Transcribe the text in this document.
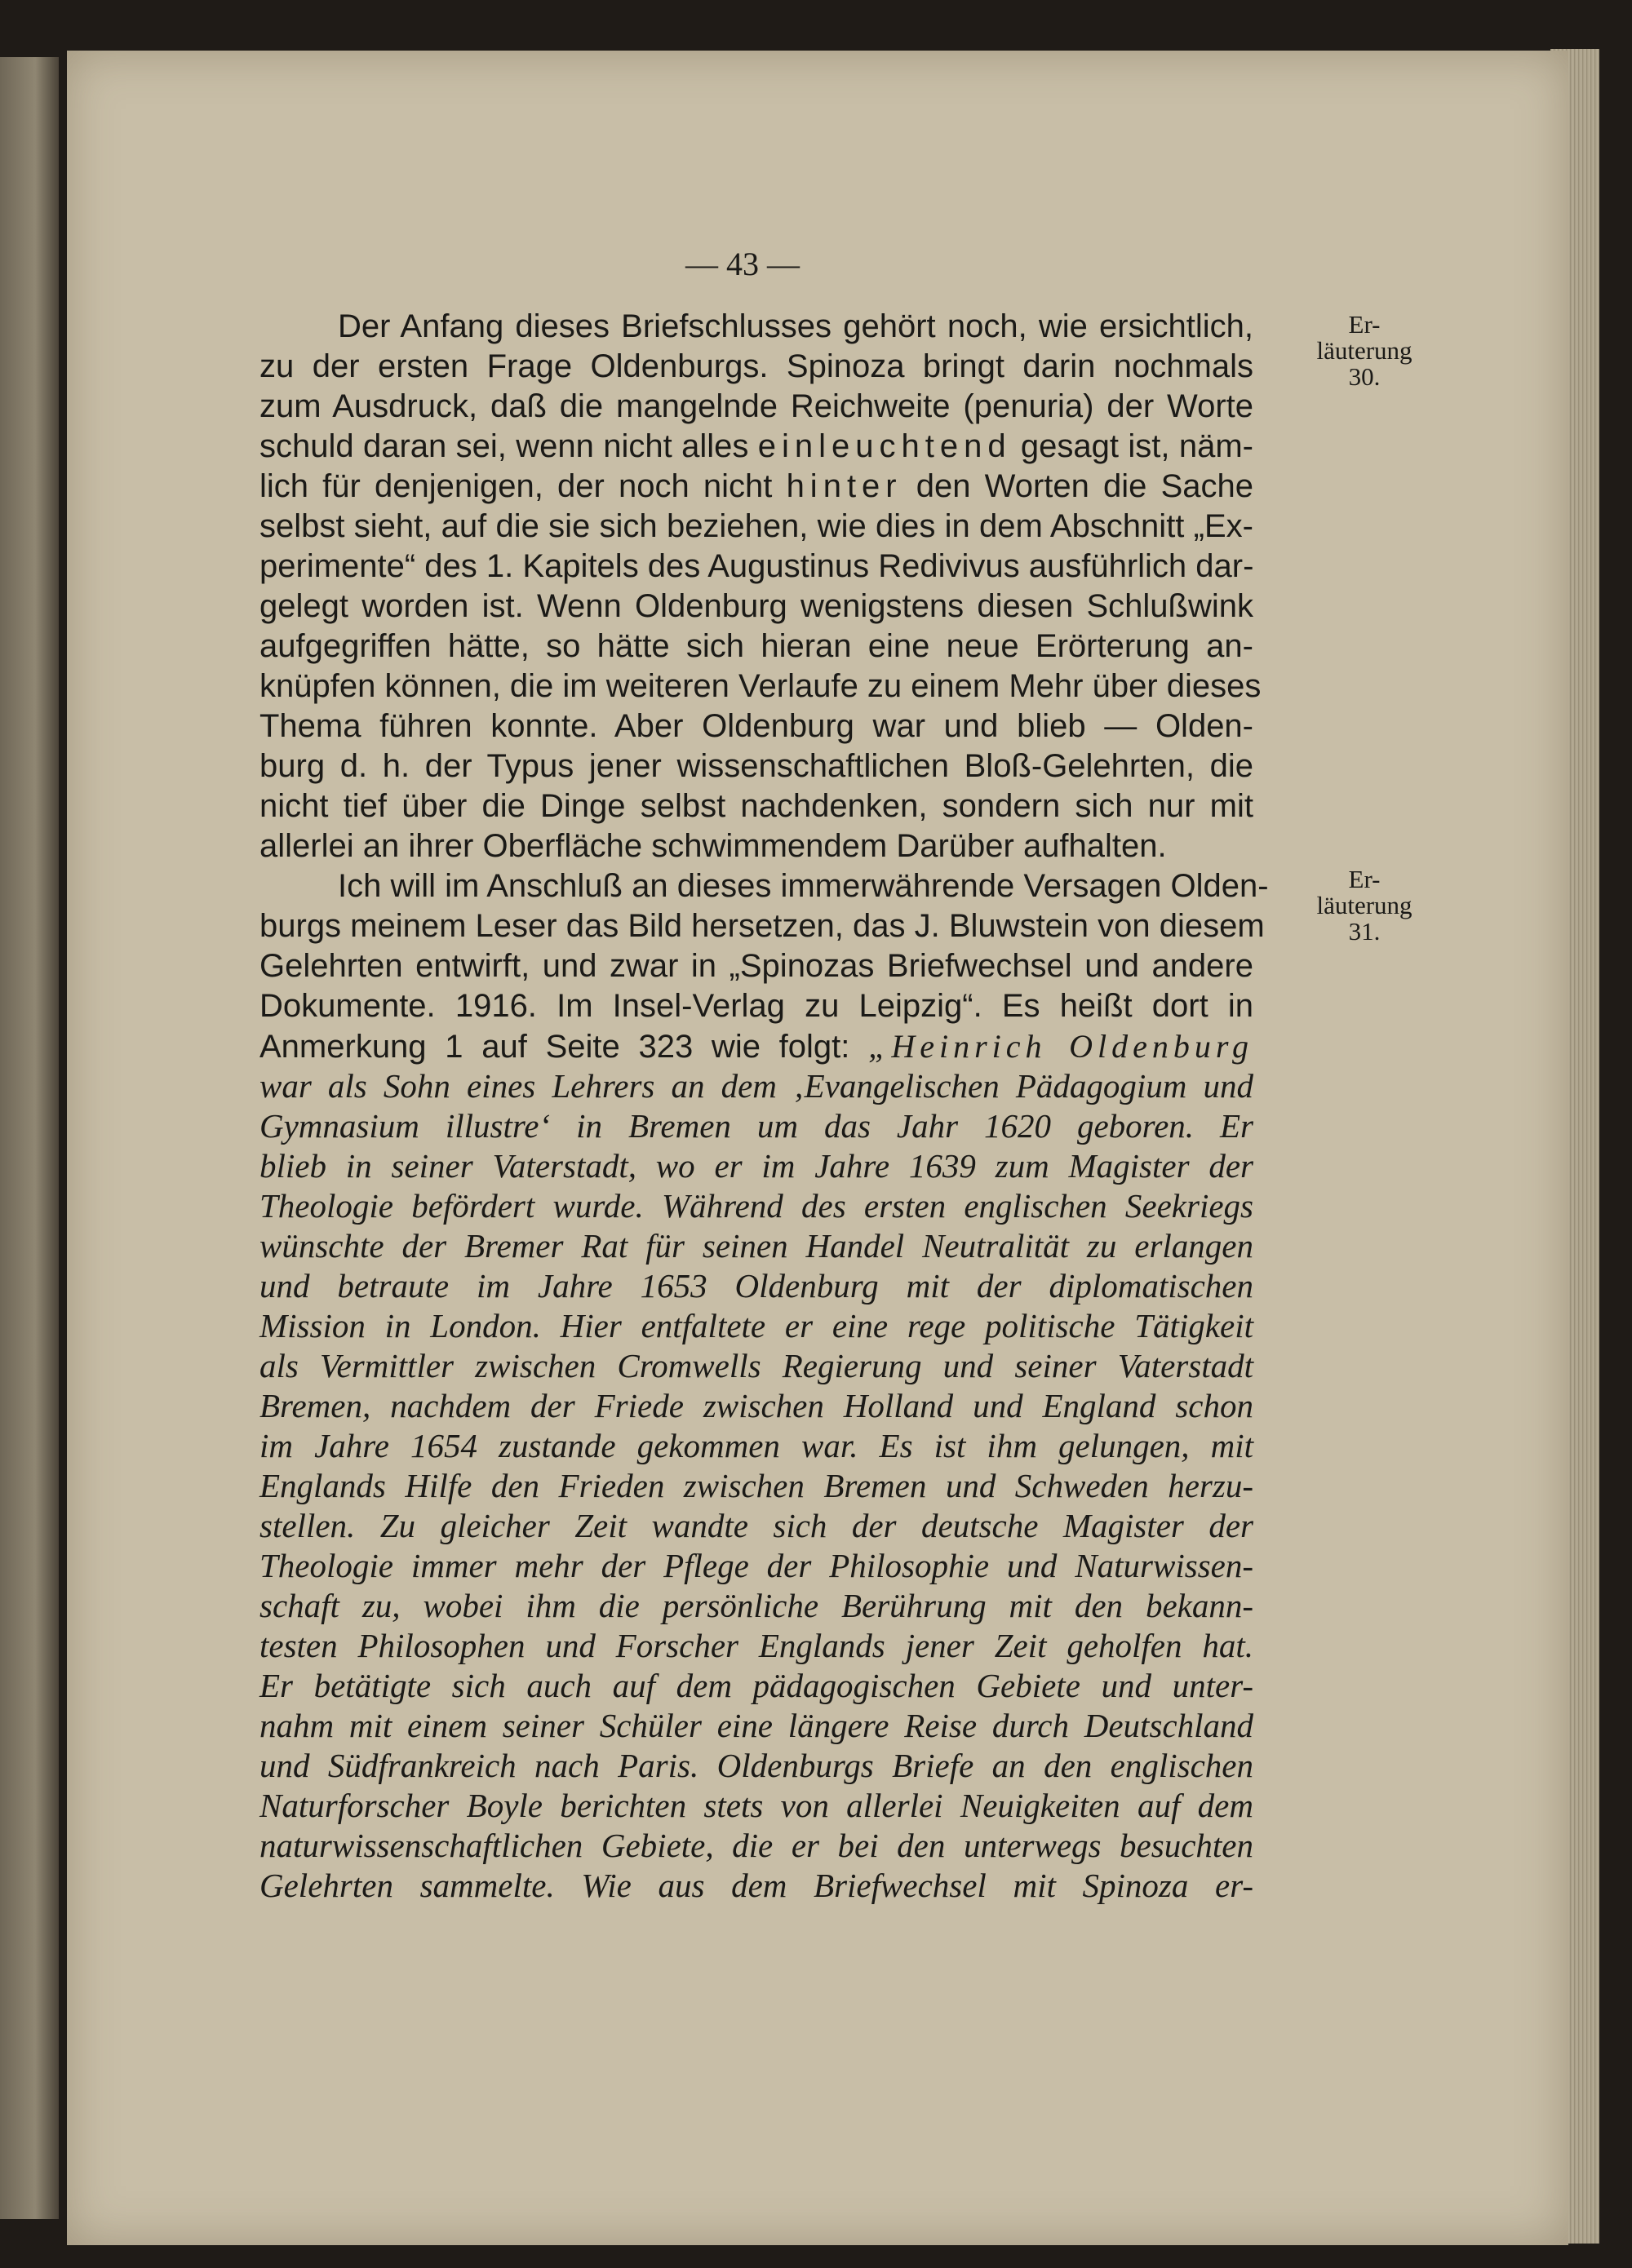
— 43 —
Er-
läuterung
30.
Er-
läuterung
31.
Der Anfang dieses Briefschlusses gehört noch, wie ersichtlich,
zu der ersten Frage Oldenburgs. Spinoza bringt darin nochmals
zum Ausdruck, daß die mangelnde Reichweite (penuria) der Worte
schuld daran sei, wenn nicht alles einleuchtend gesagt ist, näm-
lich für denjenigen, der noch nicht hinter den Worten die Sache
selbst sieht, auf die sie sich beziehen, wie dies in dem Abschnitt „Ex-
perimente“ des 1. Kapitels des Augustinus Redivivus ausführlich dar-
gelegt worden ist. Wenn Oldenburg wenigstens diesen Schlußwink
aufgegriffen hätte, so hätte sich hieran eine neue Erörterung an-
knüpfen können, die im weiteren Verlaufe zu einem Mehr über dieses
Thema führen konnte. Aber Oldenburg war und blieb — Olden-
burg d. h. der Typus jener wissenschaftlichen Bloß-Gelehrten, die
nicht tief über die Dinge selbst nachdenken, sondern sich nur mit
allerlei an ihrer Oberfläche schwimmendem Darüber aufhalten.
Ich will im Anschluß an dieses immerwährende Versagen Olden-
burgs meinem Leser das Bild hersetzen, das J. Bluwstein von diesem
Gelehrten entwirft, und zwar in „Spinozas Briefwechsel und andere
Dokumente. 1916. Im Insel-Verlag zu Leipzig“. Es heißt dort in
Anmerkung 1 auf Seite 323 wie folgt: „Heinrich Oldenburg
war als Sohn eines Lehrers an dem ‚Evangelischen Pädagogium und
Gymnasium illustre‘ in Bremen um das Jahr 1620 geboren. Er
blieb in seiner Vaterstadt, wo er im Jahre 1639 zum Magister der
Theologie befördert wurde. Während des ersten englischen Seekriegs
wünschte der Bremer Rat für seinen Handel Neutralität zu erlangen
und betraute im Jahre 1653 Oldenburg mit der diplomatischen
Mission in London. Hier entfaltete er eine rege politische Tätigkeit
als Vermittler zwischen Cromwells Regierung und seiner Vaterstadt
Bremen, nachdem der Friede zwischen Holland und England schon
im Jahre 1654 zustande gekommen war. Es ist ihm gelungen, mit
Englands Hilfe den Frieden zwischen Bremen und Schweden herzu-
stellen. Zu gleicher Zeit wandte sich der deutsche Magister der
Theologie immer mehr der Pflege der Philosophie und Naturwissen-
schaft zu, wobei ihm die persönliche Berührung mit den bekann-
testen Philosophen und Forscher Englands jener Zeit geholfen hat.
Er betätigte sich auch auf dem pädagogischen Gebiete und unter-
nahm mit einem seiner Schüler eine längere Reise durch Deutschland
und Südfrankreich nach Paris. Oldenburgs Briefe an den englischen
Naturforscher Boyle berichten stets von allerlei Neuigkeiten auf dem
naturwissenschaftlichen Gebiete, die er bei den unterwegs besuchten
Gelehrten sammelte. Wie aus dem Briefwechsel mit Spinoza er-
